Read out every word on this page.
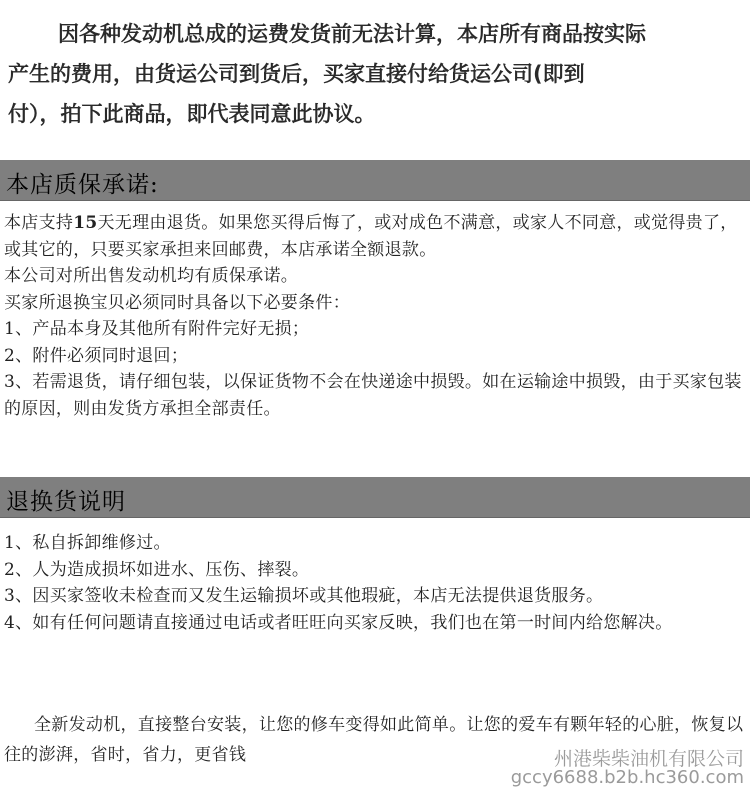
因各种发动机总成的运费发货前无法计算，本店所有商品按实际
产生的费用，由货运公司到货后，买家直接付给货运公司(即到
付），拍下此商品，即代表同意此协议。
本店质保承诺:

本店支持15天无理由退货。如果您买得后悔了，或对成色不满意，或家人不同意，或觉得贵了，或其它的，只要买家承担来回邮费，本店承诺全额退款。

本公司对所出售发动机均有质保承诺。

买家所退换宝贝必须同时具备以下必要条件：

1、产品本身及其他所有附件完好无损；

2、附件必须同时退回；

3、若需退货，请仔细包装，以保证货物不会在快递途中损毁。如在运输途中损毁，由于买家包装的原因，则由发货方承担全部责任。

退换货说明

1、私自拆卸维修过。

2、人为造成损坏如进水、压伤、摔裂。

3、因买家签收未检查而又发生运输损坏或其他瑕疵，本店无法提供退货服务。

4、如有任何问题请直接通过电话或者旺旺向买家反映，我们也在第一时间内给您解决。

全新发动机，直接整台安装，让您的修车变得如此简单。让您的爱车有颗年轻的心脏，恢复以往的澎湃，省时，省力，更省钱	州港柴柴油机有限公司
gccy6688.b2b.hc360.com
